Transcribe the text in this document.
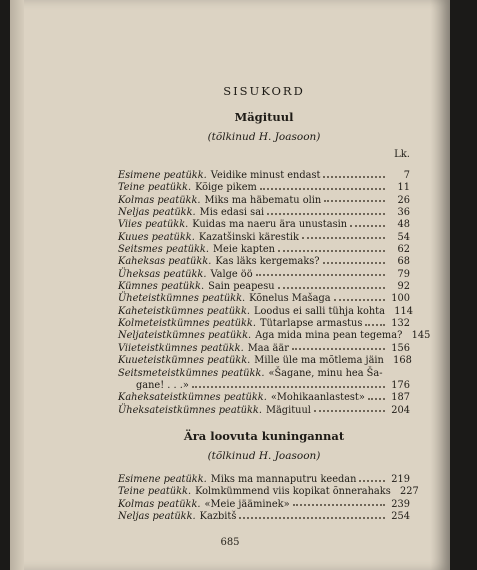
SISUKORD
Mägituul
(tõlkinud H. Joasoon)
Lk.
Esimene peatükk. Veidike minust endast	7
Teine peatükk. Kõige pikem	11
Kolmas peatükk. Miks ma häbematu olin	26
Neljas peatükk. Mis edasi sai	36
Viies peatükk. Kuidas ma naeru ära unustasin	48
Kuues peatükk. Kazatšinski kärestik	54
Seitsmes peatükk. Meie kapten	62
Kaheksas peatükk. Kas läks kergemaks?	68
Üheksas peatükk. Valge öö	79
Kümnes peatükk. Sain peapesu	92
Üheteistkümnes peatükk. Kõnelus Mašaga	100
Kaheteistkümnes peatükk. Loodus ei salli tühja kohta 114
Kolmeteistkümnes peatükk. Tütarlapse armastus	132
Neljateistkümnes peatükk. Aga mida mina pean tegema? 145
Viieteistkümnes peatükk. Maa äär	156
Kuueteistkümnes peatükk. Mille üle ma mõtlema jäin 168
Seitsmeteistkümnes peatükk. «Šagane, minu hea Ša-
gane! . . .»	176
Kaheksateistkümnes peatükk. «Mohikaanlastest»	187
Üheksateistkümnes peatükk. Mägituul	204
Ära loovuta kuningannat
(tõlkinud H. Joasoon)
Esimene peatükk. Miks ma mannaputru keedan	219
Teine peatükk. Kolmkümmend viis kopikat õnnerahaks 227
Kolmas peatükk. «Meie jääminek»	239
Neljas peatükk. Kazbitš	254
685
